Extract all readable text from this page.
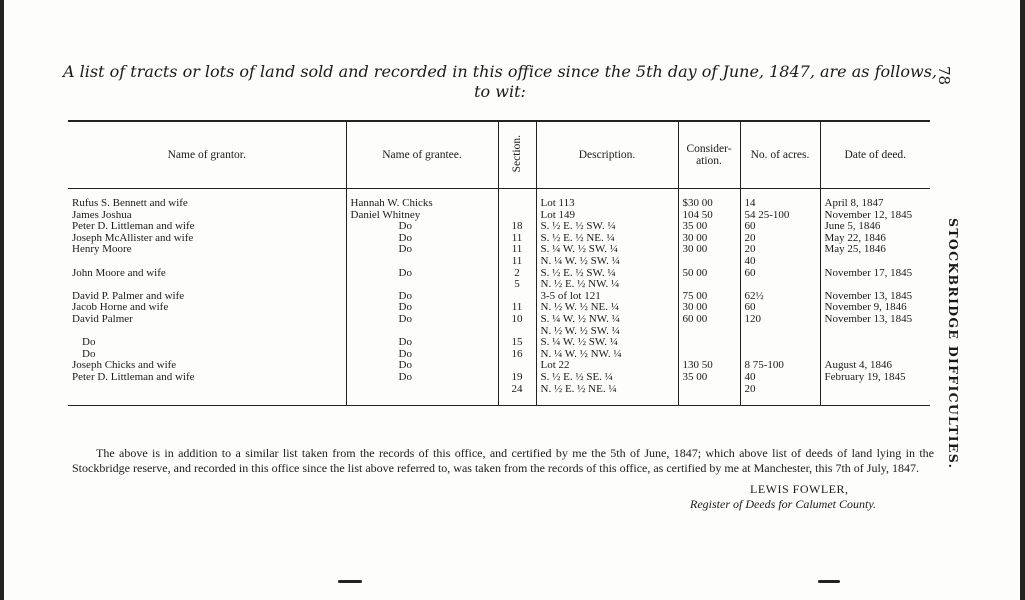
A list of tracts or lots of land sold and recorded in this office since the 5th day of June, 1847, are as follows, to wit:
78
STOCKBRIDGE DIFFICULTIES.
Name of grantor.	Name of grantee.	Section.	Description.	Consider-ation.	No. of acres.	Date of deed.
Rufus S. Bennett and wife	Hannah W. Chicks		Lot 113	$30 00	14	April 8, 1847
James Joshua	Daniel Whitney		Lot 149	104 50	54 25-100	November 12, 1845
Peter D. Littleman and wife	Do	18	S. ½ E. ½ SW. ¼	35 00	60	June 5, 1846
Joseph McAllister and wife	Do	11	S. ½ E. ½ NE. ¼	30 00	20	May 22, 1846
Henry Moore	Do	11	S. ¼ W. ½ SW. ¼	30 00	20	May 25, 1846
		11	N. ¼ W. ½ SW. ¼		40	
John Moore and wife	Do	2	S. ½ E. ½ SW. ¼	50 00	60	November 17, 1845
		5	N. ½ E. ½ NW. ¼			
David P. Palmer and wife	Do		3-5 of lot 121	75 00	62½	November 13, 1845
Jacob Horne and wife	Do	11	N. ½ W. ½ NE. ¼	30 00	60	November 9, 1846
David Palmer	Do	10	S. ¼ W. ½ NW. ¼	60 00	120	November 13, 1845
			N. ½ W. ½ SW. ¼			
Do	Do	15	S. ¼ W. ½ SW. ¼			
Do	Do	16	N. ¼ W. ½ NW. ¼			
Joseph Chicks and wife	Do		Lot 22	130 50	8 75-100	August 4, 1846
Peter D. Littleman and wife	Do	19	S. ½ E. ½ SE. ¼	35 00	40	February 19, 1845
		24	N. ½ E. ½ NE. ¼		20	
The above is in addition to a similar list taken from the records of this office, and certified by me the 5th of June, 1847; which above list of deeds of land lying in the Stockbridge reserve, and recorded in this office since the list above referred to, was taken from the records of this office, as certified by me at Manchester, this 7th of July, 1847.
LEWIS FOWLER,
Register of Deeds for Calumet County.
